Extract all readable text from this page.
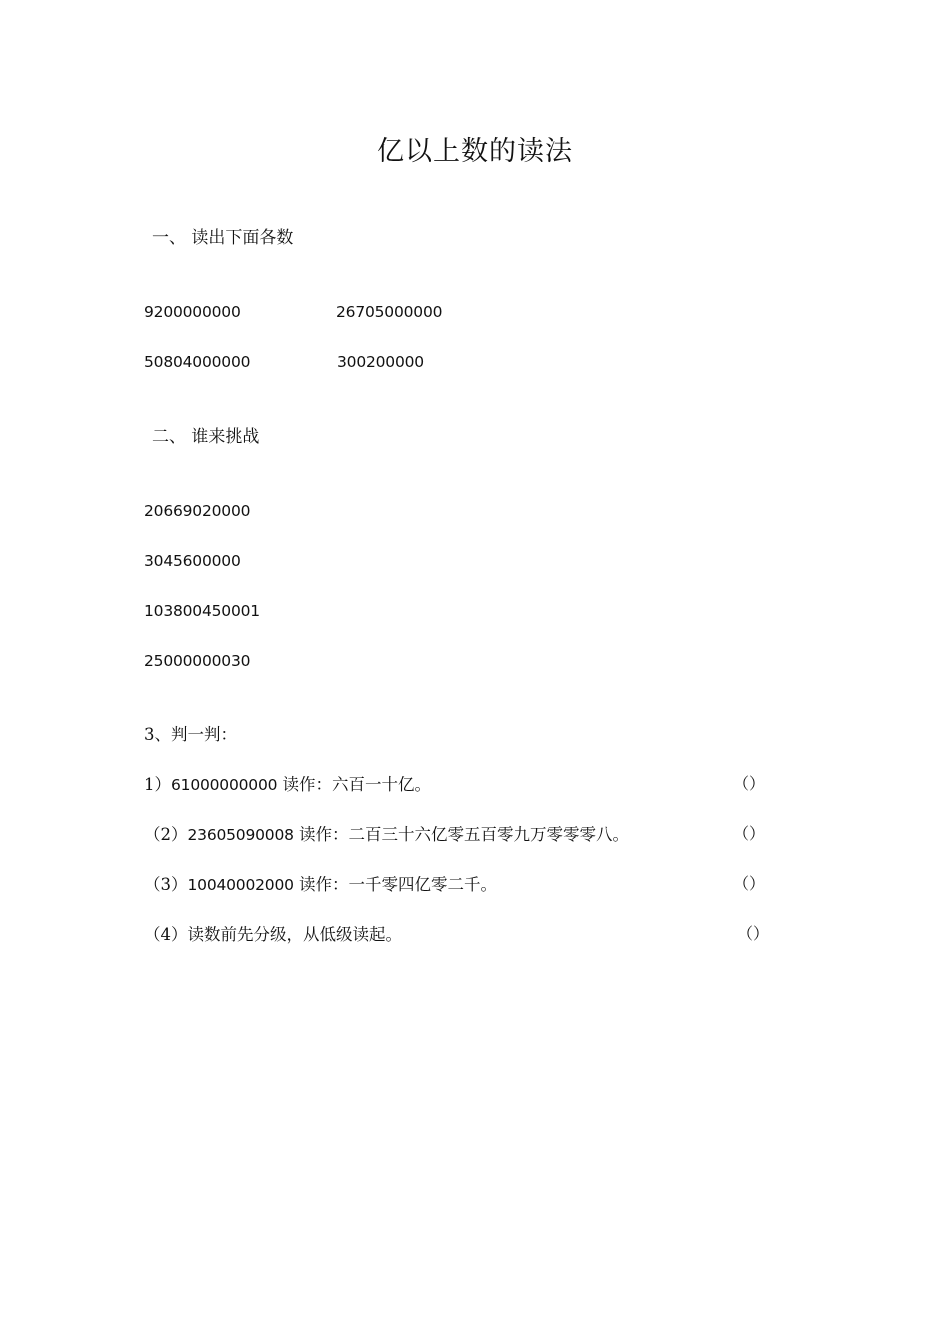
亿以上数的读法
一、 读出下面各数
9200000000	26705000000
50804000000	300200000
二、 谁来挑战
20669020000
3045600000
103800450001
25000000030
3、判一判：
1）61000000000 读作：六百一十亿。	（）
（2）23605090008 读作：二百三十六亿零五百零九万零零零八。	（）
（3）10040002000 读作：一千零四亿零二千。	（）
（4）读数前先分级，从低级读起。	（）
